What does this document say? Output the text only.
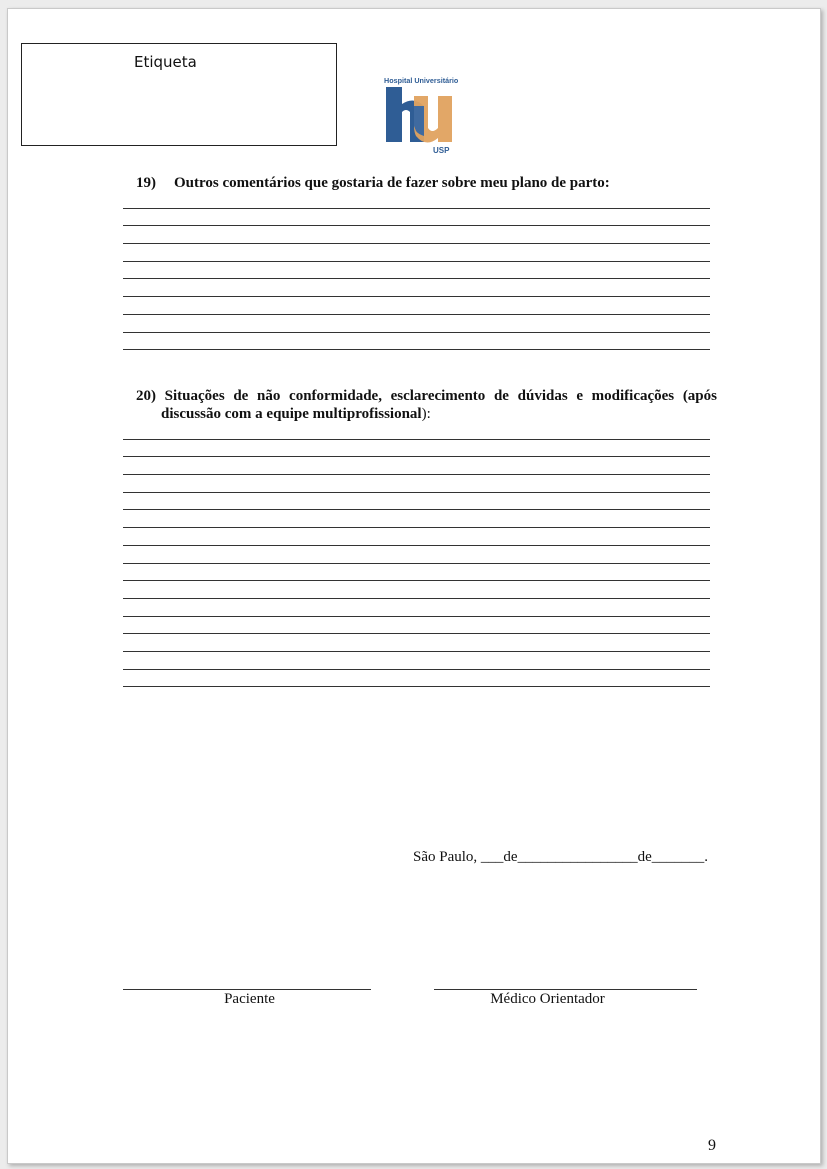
Etiqueta
Hospital Universitário
USP
19) Outros comentários que gostaria de fazer sobre meu plano de parto:
20) Situações de não conformidade, esclarecimento de dúvidas e modificações (após
discussão com a equipe multiprofissional):
São Paulo, ___de________________de_______.
Paciente	Médico Orientador
9
